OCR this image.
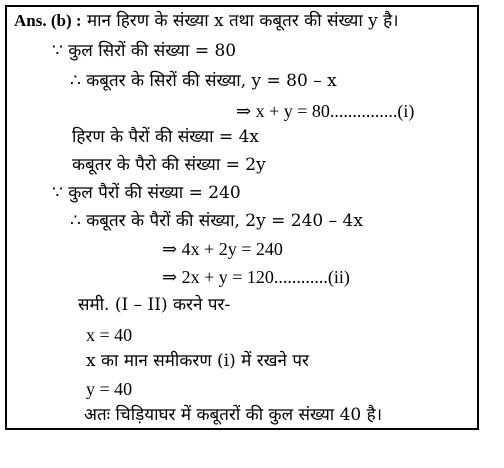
Ans. (b) : मान हिरण के संख्या x तथा कबूतर की संख्या y है।
∵ कुल सिरों की संख्या = 80
∴ कबूतर के सिरों की संख्या, y = 80 – x
⇒ x + y = 80...............(i)
हिरण के पैरों की संख्या = 4x
कबूतर के पैरो की संख्या = 2y
∵ कुल पैरों की संख्या = 240
∴ कबूतर के पैरों की संख्या, 2y = 240 – 4x
⇒ 4x + 2y = 240
⇒ 2x + y = 120............(ii)
समी. (I – II) करने पर-
x = 40
x का मान समीकरण (i) में रखने पर
y = 40
अतः चिड़ियाघर में कबूतरों की कुल संख्या 40 है।
